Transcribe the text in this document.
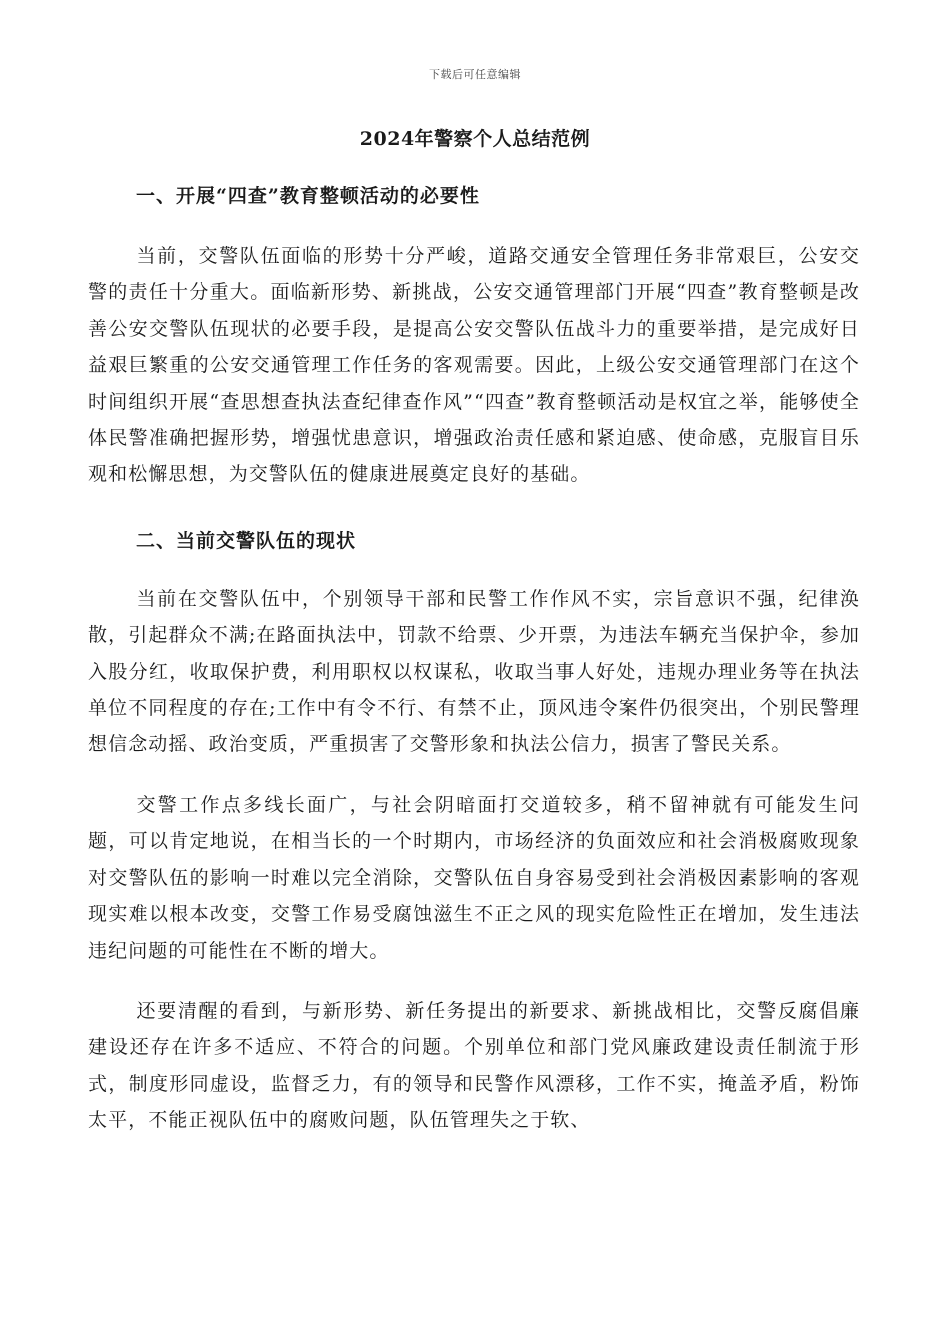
下载后可任意编辑
2024年警察个人总结范例
一、开展“四查”教育整顿活动的必要性
当前，交警队伍面临的形势十分严峻，道路交通安全管理任务非常艰巨，公安交警的责任十分重大。面临新形势、新挑战，公安交通管理部门开展“四查”教育整顿是改善公安交警队伍现状的必要手段，是提高公安交警队伍战斗力的重要举措，是完成好日益艰巨繁重的公安交通管理工作任务的客观需要。因此，上级公安交通管理部门在这个时间组织开展“查思想查执法查纪律查作风”“四查”教育整顿活动是权宜之举，能够使全体民警准确把握形势，增强忧患意识，增强政治责任感和紧迫感、使命感，克服盲目乐观和松懈思想，为交警队伍的健康进展奠定良好的基础。
二、当前交警队伍的现状
当前在交警队伍中，个别领导干部和民警工作作风不实，宗旨意识不强，纪律涣散，引起群众不满;在路面执法中，罚款不给票、少开票，为违法车辆充当保护伞，参加入股分红，收取保护费，利用职权以权谋私，收取当事人好处，违规办理业务等在执法单位不同程度的存在;工作中有令不行、有禁不止，顶风违令案件仍很突出，个别民警理想信念动摇、政治变质，严重损害了交警形象和执法公信力，损害了警民关系。
交警工作点多线长面广，与社会阴暗面打交道较多，稍不留神就有可能发生问题，可以肯定地说，在相当长的一个时期内，市场经济的负面效应和社会消极腐败现象对交警队伍的影响一时难以完全消除，交警队伍自身容易受到社会消极因素影响的客观现实难以根本改变，交警工作易受腐蚀滋生不正之风的现实危险性正在增加，发生违法违纪问题的可能性在不断的增大。
还要清醒的看到，与新形势、新任务提出的新要求、新挑战相比，交警反腐倡廉建设还存在许多不适应、不符合的问题。个别单位和部门党风廉政建设责任制流于形式，制度形同虚设，监督乏力，有的领导和民警作风漂移，工作不实，掩盖矛盾，粉饰太平，不能正视队伍中的腐败问题，队伍管理失之于软、
